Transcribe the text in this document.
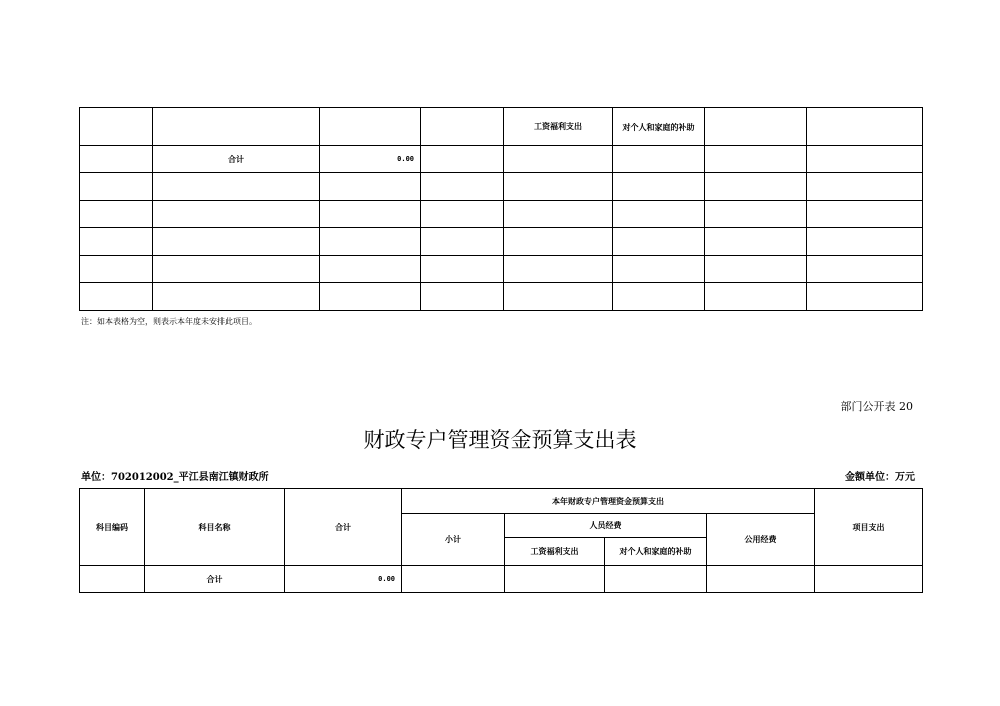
				工资福利支出	对个人和家庭的补助		
	合计	0.00					

注：如本表格为空，则表示本年度未安排此项目。
部门公开表 20
财政专户管理资金预算支出表
单位：702012002_平江县南江镇财政所	金额单位：万元
科目编码	科目名称	合计	本年财政专户管理资金预算支出				项目支出
			小计	人员经费		公用经费	
				工资福利支出	对个人和家庭的补助		
	合计	0.00					
